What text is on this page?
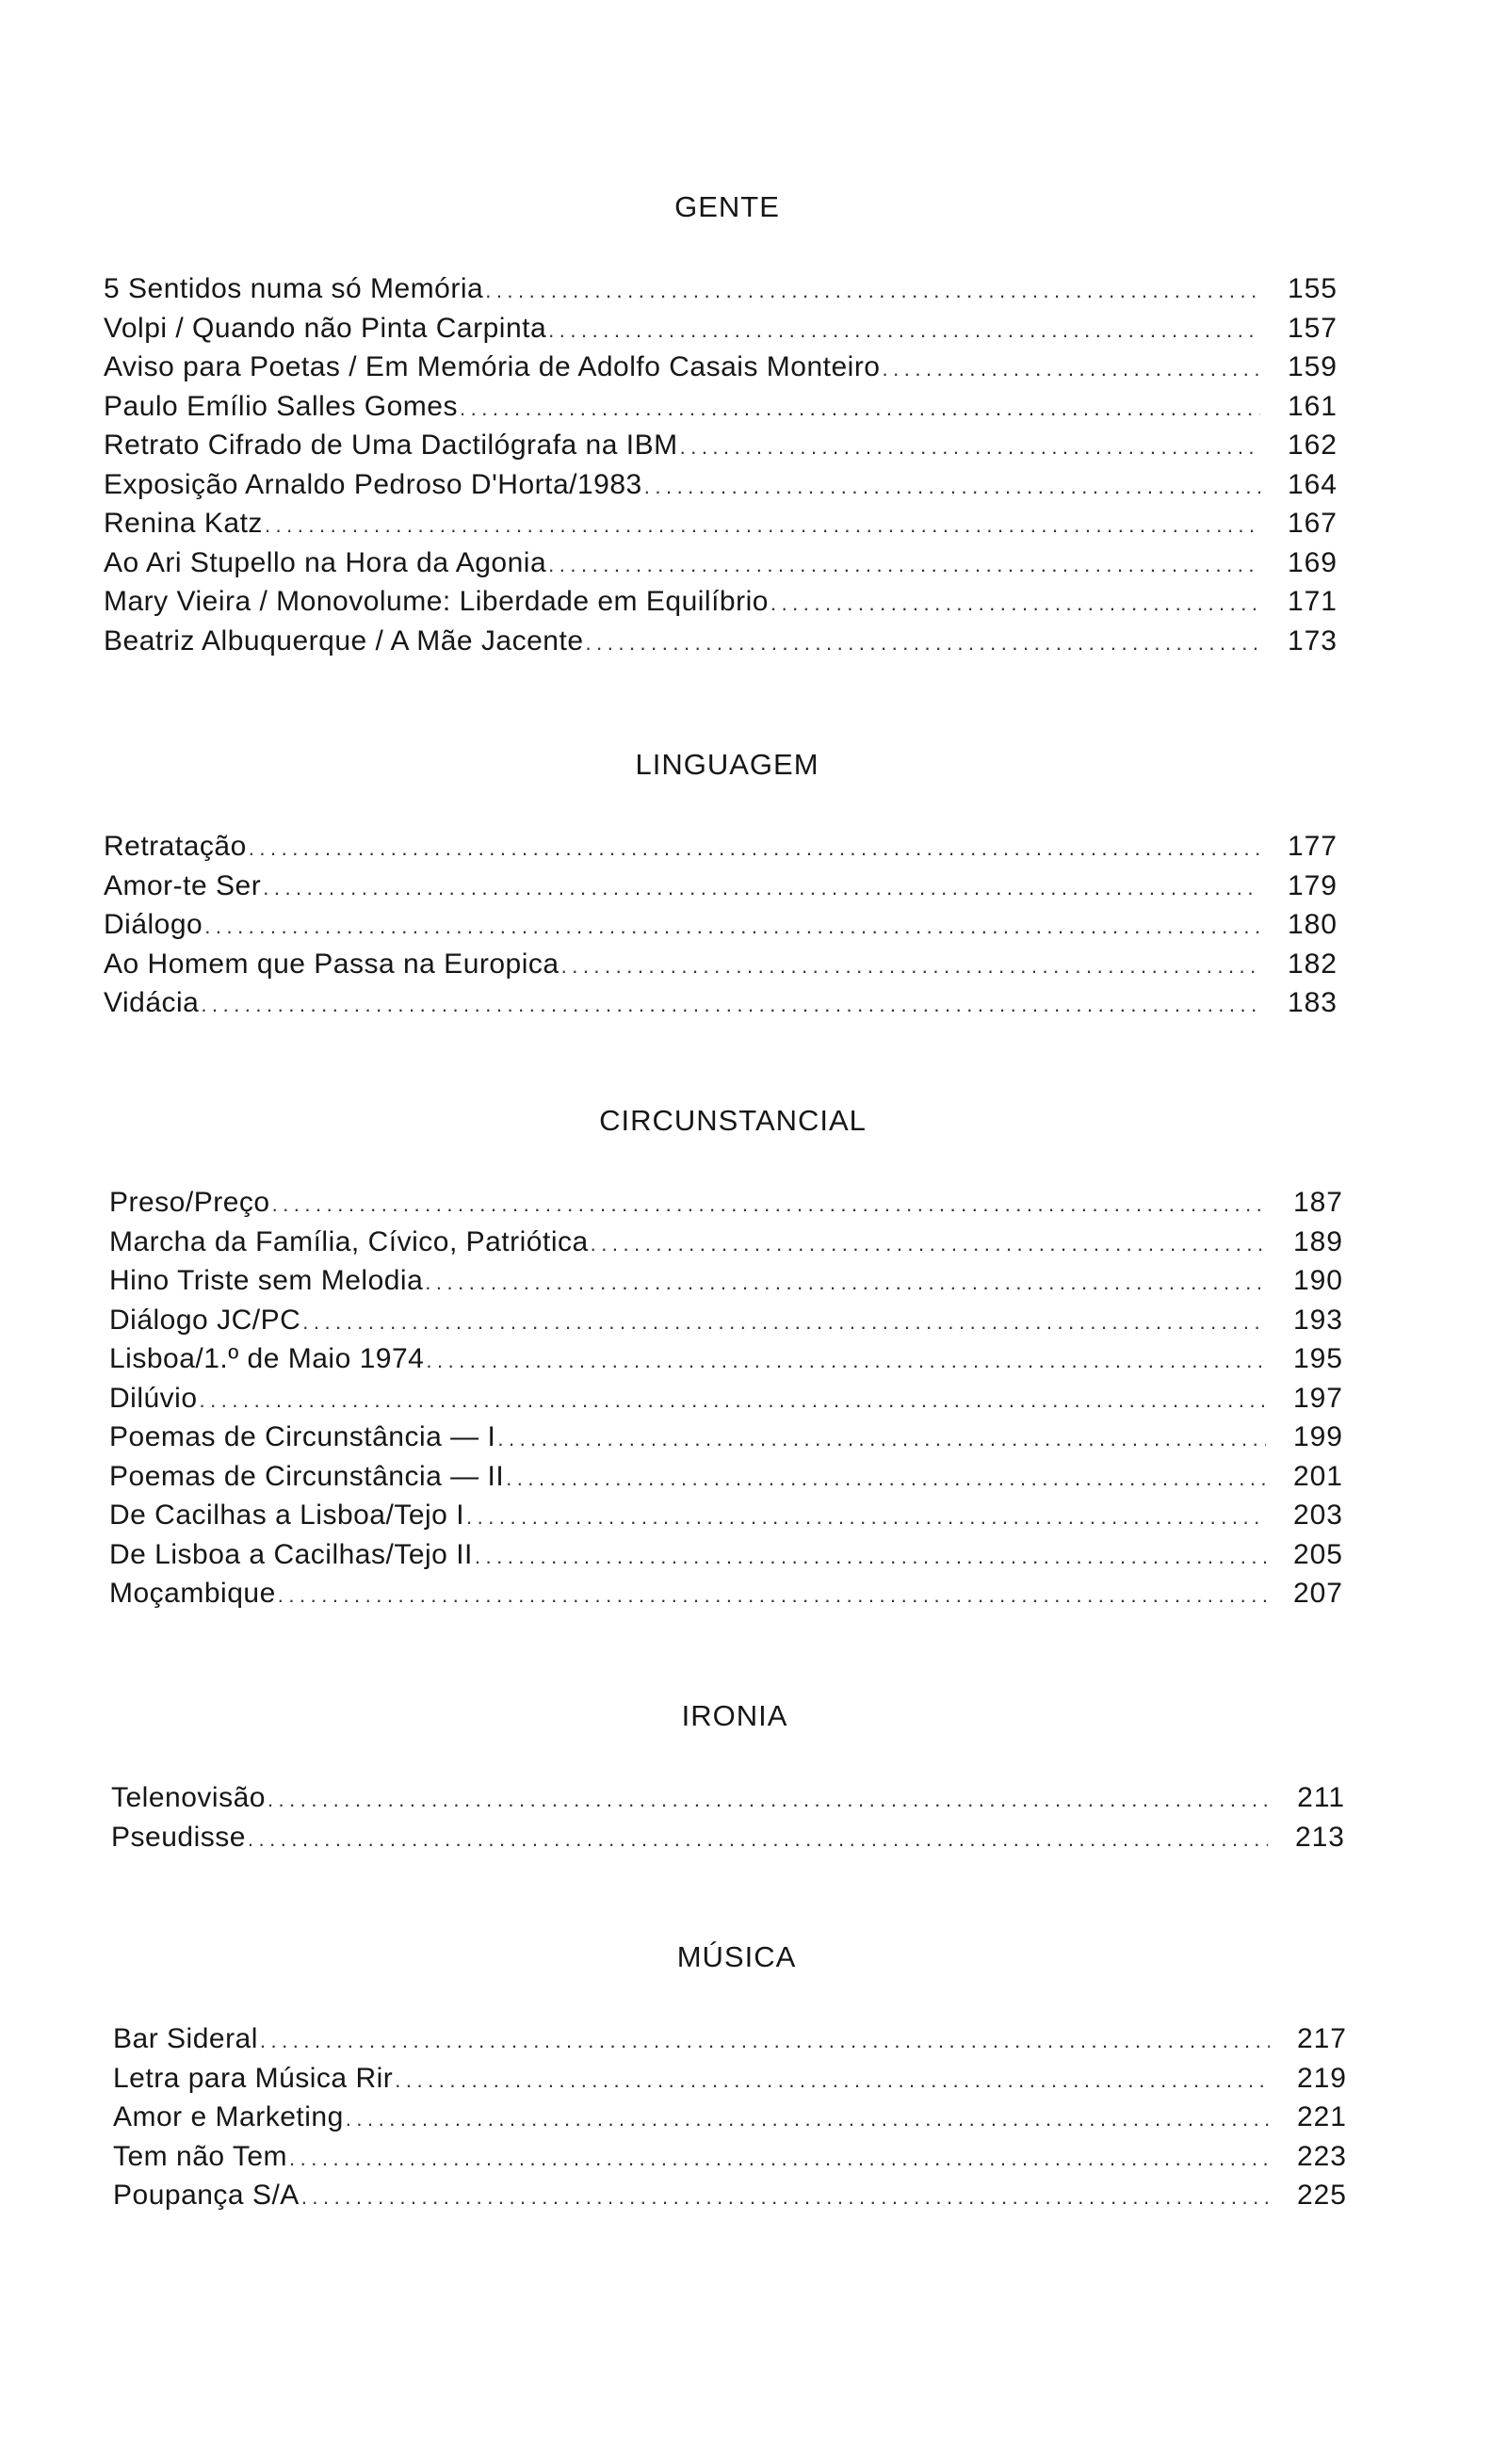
GENTE
5 Sentidos numa só Memória .....	155
Volpi / Quando não Pinta Carpinta .....	157
Aviso para Poetas / Em Memória de Adolfo Casais Monteiro .....	159
Paulo Emílio Salles Gomes .....	161
Retrato Cifrado de Uma Dactilógrafa na IBM .....	162
Exposição Arnaldo Pedroso D'Horta/1983 .....	164
Renina Katz .....	167
Ao Ari Stupello na Hora da Agonia .....	169
Mary Vieira / Monovolume: Liberdade em Equilíbrio .....	171
Beatriz Albuquerque / A Mãe Jacente .....	173
LINGUAGEM
Retratação .....	177
Amor-te Ser .....	179
Diálogo .....	180
Ao Homem que Passa na Europica .....	182
Vidácia .....	183
CIRCUNSTANCIAL
Preso/Preço .....	187
Marcha da Família, Cívico, Patriótica .....	189
Hino Triste sem Melodia .....	190
Diálogo JC/PC .....	193
Lisboa/1.º de Maio 1974 .....	195
Dilúvio .....	197
Poemas de Circunstância — I .....	199
Poemas de Circunstância — II .....	201
De Cacilhas a Lisboa/Tejo I .....	203
De Lisboa a Cacilhas/Tejo II .....	205
Moçambique .....	207
IRONIA
Telenovisão .....	211
Pseudisse .....	213
MÚSICA
Bar Sideral .....	217
Letra para Música Rir .....	219
Amor e Marketing .....	221
Tem não Tem .....	223
Poupança S/A .....	225
